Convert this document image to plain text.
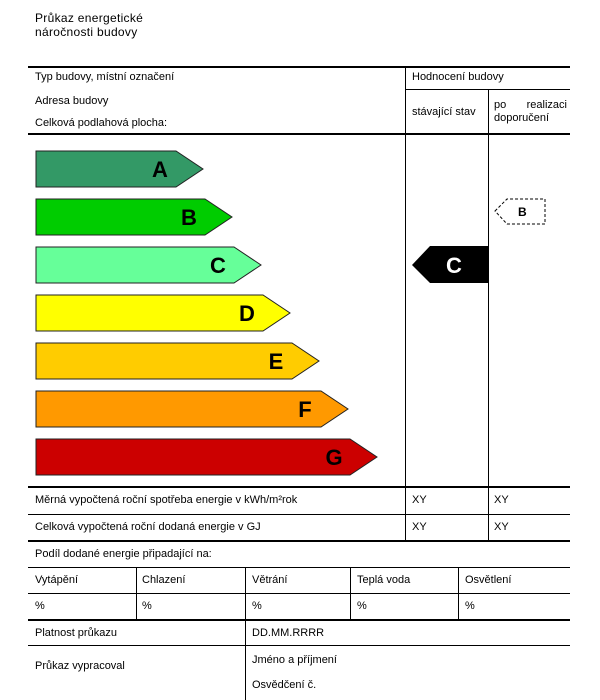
Průkaz energetické
náročnosti budovy
Typ budovy, místní označení
Adresa budovy
Celková podlahová plocha:
Hodnocení budovy
stávající stav
po realizaci
doporučení
A
B
C
D
E
F
G
C
B
Měrná vypočtená roční spotřeba energie v kWh/m²rok	XY	XY
Celková vypočtená roční dodaná energie v GJ	XY	XY
Podíl dodané energie připadající na:
Vytápění	Chlazení	Větrání	Teplá voda	Osvětlení
%	%	%	%	%
Platnost průkazu	DD.MM.RRRR
Průkaz vypracoval	Jméno a příjmení
Osvědčení č.
